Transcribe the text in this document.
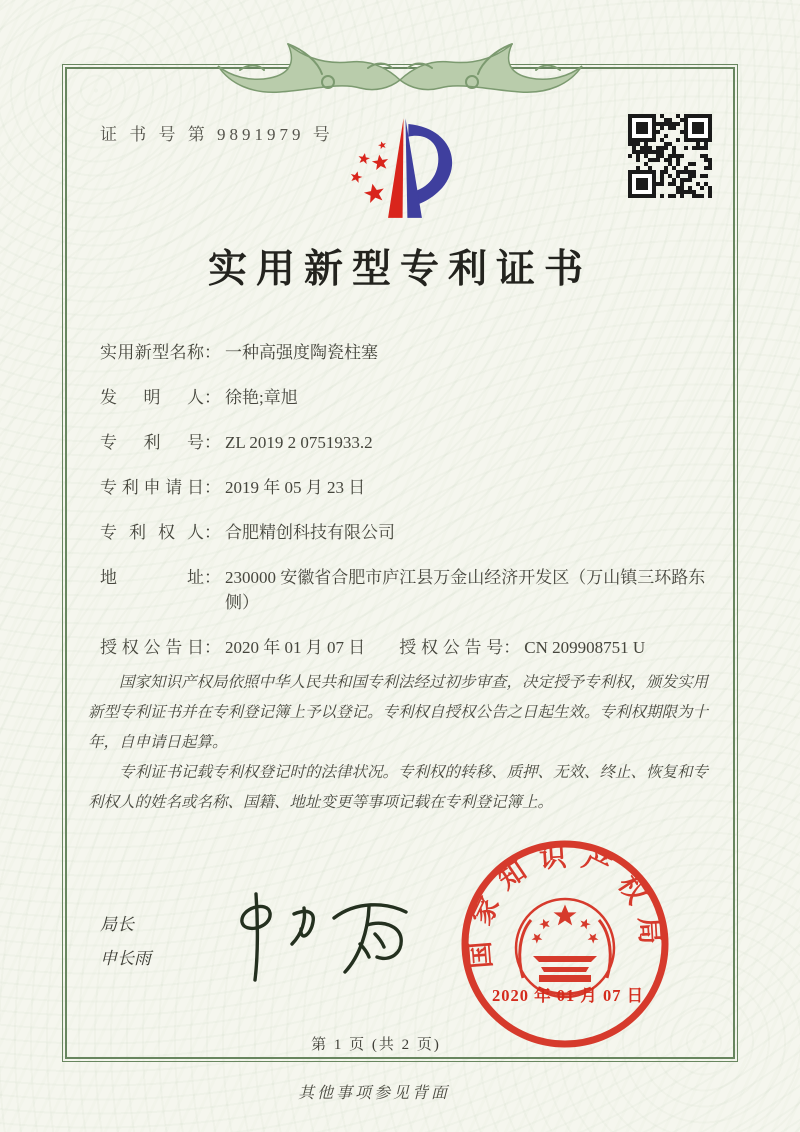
证 书 号 第 9891979 号
实用新型专利证书
实用新型名称 ： 一种高强度陶瓷柱塞
发明人 ： 徐艳;章旭
专利号 ： ZL 2019 2 0751933.2
专利申请日 ： 2019 年 05 月 23 日
专利权人 ： 合肥精创科技有限公司
地址 ： 230000 安徽省合肥市庐江县万金山经济开发区（万山镇三环路东侧）
授权公告日 ： 2020 年 01 月 07 日 授权公告号 ： CN 209908751 U

国家知识产权局依照中华人民共和国专利法经过初步审查，决定授予专利权，颁发实用新型专利证书并在专利登记簿上予以登记。专利权自授权公告之日起生效。专利权期限为十年，自申请日起算。

专利证书记载专利权登记时的法律状况。专利权的转移、质押、无效、终止、恢复和专利权人的姓名或名称、国籍、地址变更等事项记载在专利登记簿上。

局长
申长雨	国家知识产权局
2020 年 01 月 07 日
第 1 页 (共 2 页)
其他事项参见背面
